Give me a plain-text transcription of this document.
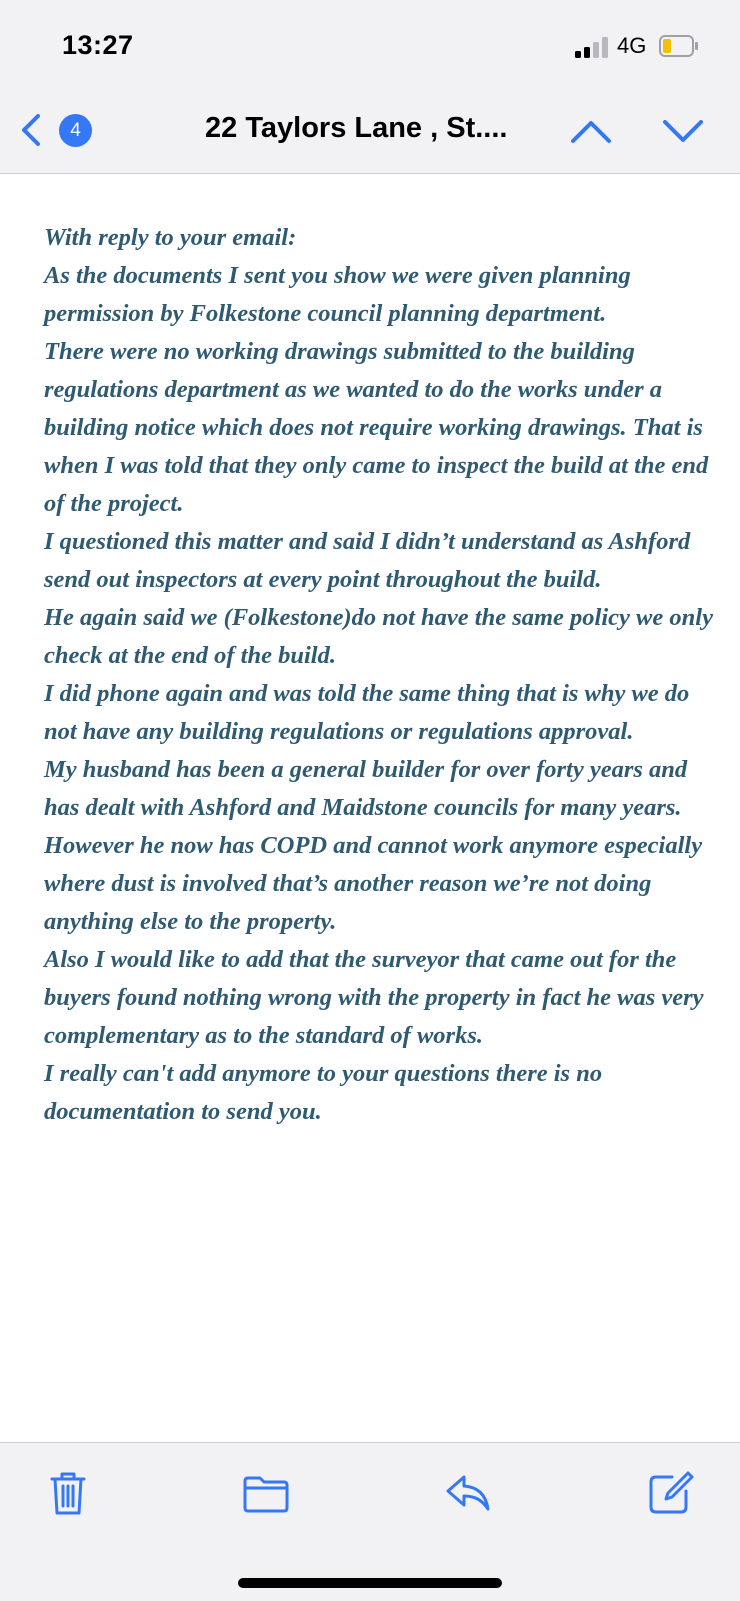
13:27	4G
4	22 Taylors Lane , St....

With reply to your email:

As the documents I sent you show we were given planning permission by Folkestone council planning department.

There were no working drawings submitted to the building regulations department as we wanted to do the works under a building notice which does not require working drawings. That is when I was told that they only came to inspect the build at the end of the project.

I questioned this matter and said I didn’t understand as Ashford send out inspectors at every point throughout the build.

He again said we (Folkestone)do not have the same policy we only check at the end of the build.

I did phone again and was told the same thing that is why we do not have any building regulations or regulations approval.

My husband has been a general builder for over forty years and has dealt with Ashford and Maidstone councils for many years. However he now has COPD and cannot work anymore especially where dust is involved that’s another reason we’re not doing anything else to the property.

Also I would like to add that the surveyor that came out for the buyers found nothing wrong with the property in fact he was very complementary as to the standard of works.

I really can't add anymore to your questions there is no documentation to send you.
